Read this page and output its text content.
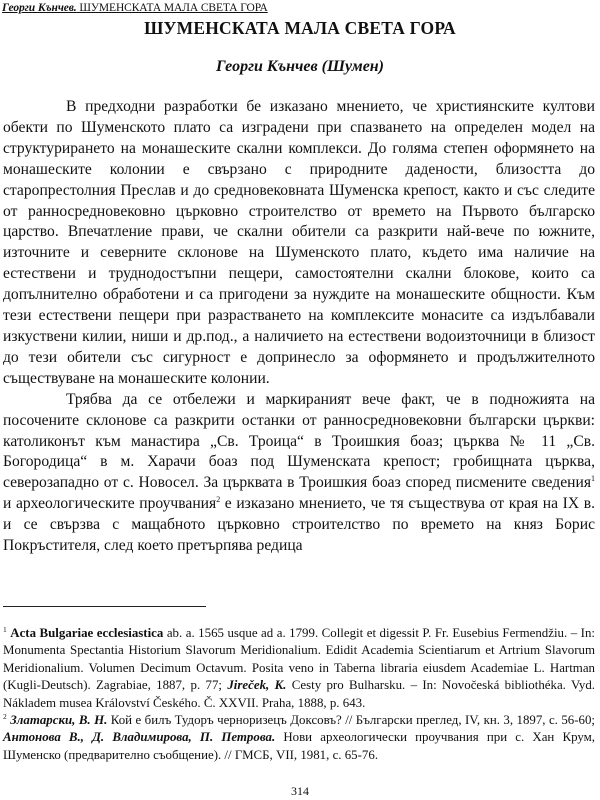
Георги Кънчев. ШУМЕНСКАТА МАЛА СВЕТА ГОРА
ШУМЕНСКАТА МАЛА СВЕТА ГОРА
Георги Кънчев (Шумен)

В предходни разработки бе изказано мнението, че християнските култови обекти по Шуменското плато са изградени при спазването на определен модел на структурирането на монашеските скални комплекси. До голяма степен оформянето на монашеските колонии е свързано с природните дадености, близостта до старопрестолния Преслав и до средновековната Шуменска крепост, както и със следите от ранносредновековно църковно строителство от времето на Първото българско царство. Впечатление прави, че скални обители са разкрити най-вече по южните, източните и северните склонове на Шуменското плато, където има наличие на естествени и труднодостъпни пещери, самостоятелни скални блокове, които са допълнително обработени и са пригодени за нуждите на монашеските общности. Към тези естествени пещери при разрастването на комплексите монасите са издълбавали изкуствени килии, ниши и др.под., а наличието на естествени водоизточници в близост до тези обители със сигурност е допринесло за оформянето и продължителното съществуване на монашеските колонии.

Трябва да се отбележи и маркираният вече факт, че в подножията на посочените склонове са разкрити останки от ранносредновековни български църкви: католиконът към манастира „Св. Троица“ в Троишкия боаз; църква № 11 „Св. Богородица“ в м. Харачи боаз под Шуменската крепост; гробищната църква, северозападно от с. Новосел. За църквата в Троишкия боаз според писмените сведения$^1$ и археологическите проучвания$^2$ е изказано мнението, че тя съществува от края на IX в. и се свързва с мащабното църковно строителство по времето на княз Борис Покръстителя, след което претърпява редица

$^1$ Acta Bulgariae ecclesiastica ab. a. 1565 usque ad a. 1799. Collegit et digessit P. Fr. Eusebius Fermendžiu. – In: Monumenta Spectantia Historium Slavorum Meridionalium. Edidit Academia Scientiarum et Artrium Slavorum Meridionalium. Volumen Decimum Octavum. Posita veno in Taberna libraria eiusdem Academiae L. Hartman (Kugli-Deutsch). Zagrabiae, 1887, p. 77; Jireček, K. Cesty pro Bulharsku. – In: Novočeská bibliothéka. Vyd. Nákladem musea Království Českého. Č. XXVII. Praha, 1888, p. 643.

$^2$ Златарски, В. Н. Кой е билъ Тудоръ черноризецъ Доксовъ? // Български преглед, IV, кн. 3, 1897, с. 56-60; Антонова В., Д. Владимирова, П. Петрова. Нови археологически проучвания при с. Хан Крум, Шуменско (предварително съобщение). // ГМСБ, VII, 1981, с. 65-76.

314
